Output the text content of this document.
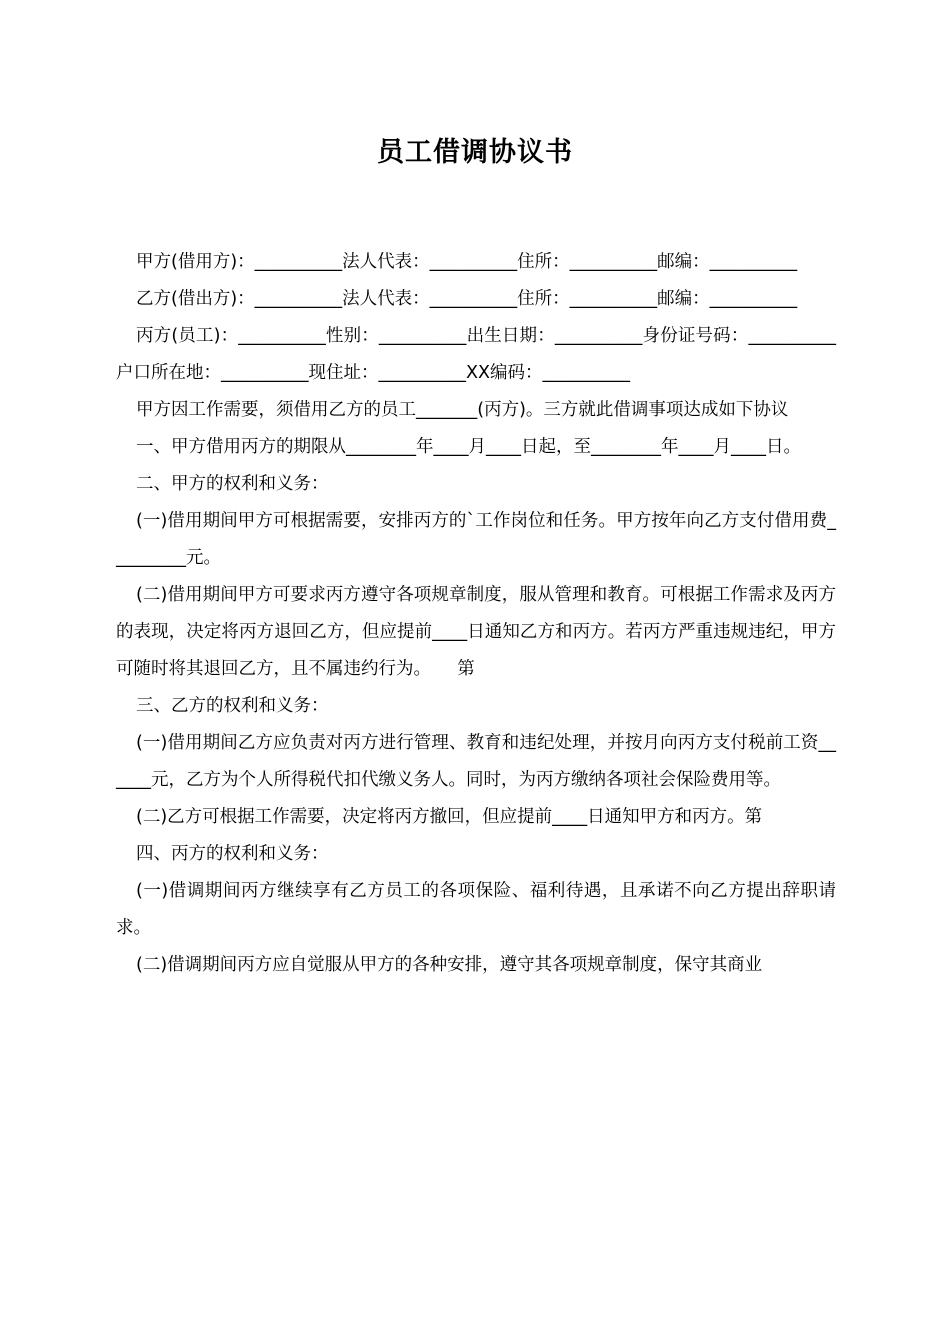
员工借调协议书

甲方(借用方)：__________法人代表：__________住所：__________邮编：__________

乙方(借出方)：__________法人代表：__________住所：__________邮编：__________

丙方(员工)：__________性别：__________出生日期：__________身份证号码：__________户口所在地：__________现住址：__________XX编码：__________

甲方因工作需要，须借用乙方的员工_______(丙方)。三方就此借调事项达成如下协议

一、甲方借用丙方的期限从________年____月____日起，至________年____月____日。

二、甲方的权利和义务：

(一)借用期间甲方可根据需要，安排丙方的`工作岗位和任务。甲方按年向乙方支付借用费_________元。

(二)借用期间甲方可要求丙方遵守各项规章制度，服从管理和教育。可根据工作需求及丙方的表现，决定将丙方退回乙方，但应提前____日通知乙方和丙方。若丙方严重违规违纪，甲方可随时将其退回乙方，且不属违约行为。　　第

三、乙方的权利和义务：

(一)借用期间乙方应负责对丙方进行管理、教育和违纪处理，并按月向丙方支付税前工资______元，乙方为个人所得税代扣代缴义务人。同时，为丙方缴纳各项社会保险费用等。

(二)乙方可根据工作需要，决定将丙方撤回，但应提前____日通知甲方和丙方。第

四、丙方的权利和义务：

(一)借调期间丙方继续享有乙方员工的各项保险、福利待遇，且承诺不向乙方提出辞职请求。

(二)借调期间丙方应自觉服从甲方的各种安排，遵守其各项规章制度，保守其商业
